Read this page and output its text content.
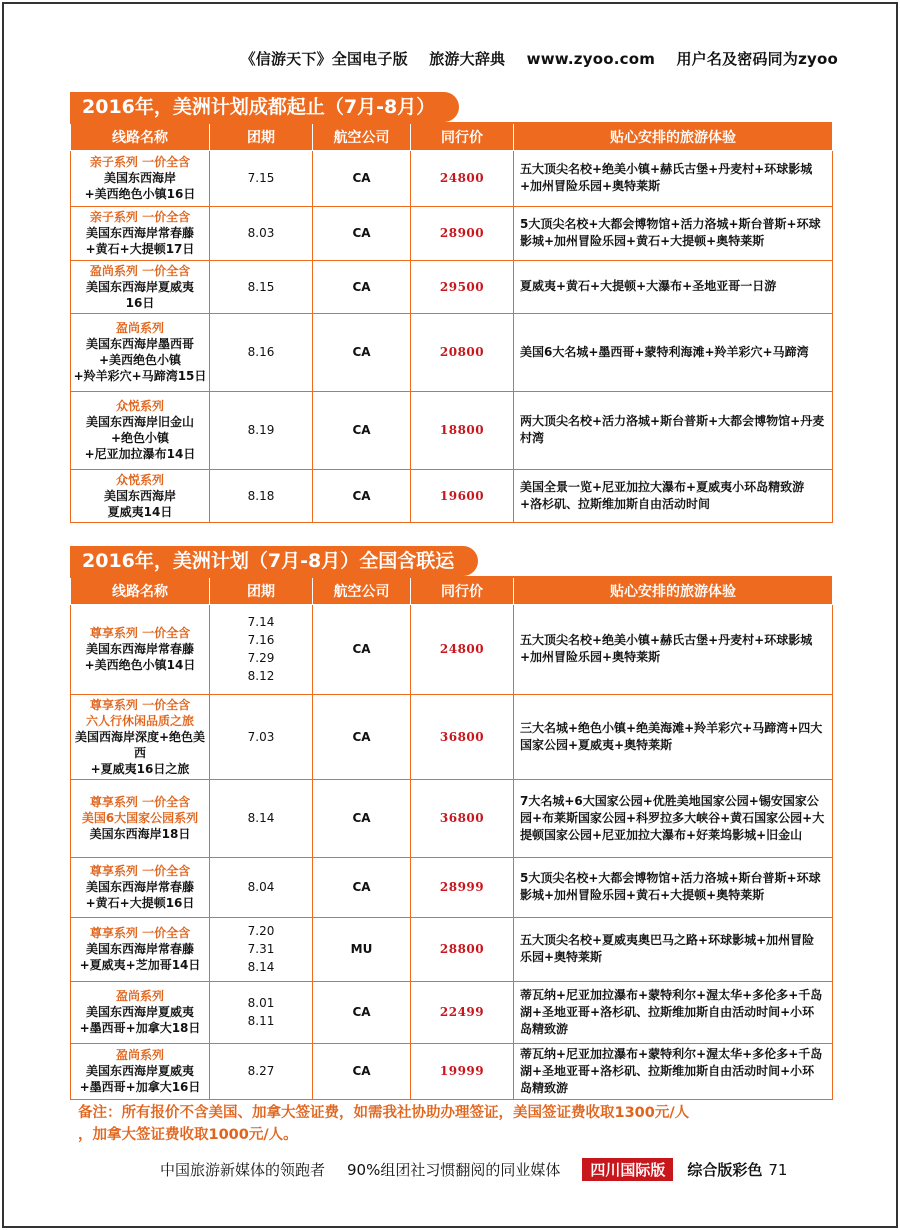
《信游天下》全国电子版 旅游大辞典 www.zyoo.com 用户名及密码同为zyoo
2016年，美洲计划成都起止（7月-8月）
线路名称	团期	航空公司	同行价	贴心安排的旅游体验

亲子系列 一价全含
美国东西海岸
+美西绝色小镇16日	7.15	CA	24800	五大顶尖名校+绝美小镇+赫氏古堡+丹麦村+环球影城+加州冒险乐园+奥特莱斯

亲子系列 一价全含
美国东西海岸常春藤
+黄石+大提顿17日	8.03	CA	28900	5大顶尖名校+大都会博物馆+活力洛城+斯台普斯+环球影城+加州冒险乐园+黄石+大提顿+奥特莱斯

盈尚系列 一价全含
美国东西海岸夏威夷
16日	8.15	CA	29500	夏威夷+黄石+大提顿+大瀑布+圣地亚哥一日游

盈尚系列
美国东西海岸墨西哥
+美西绝色小镇
+羚羊彩穴+马蹄湾15日	8.16	CA	20800	美国6大名城+墨西哥+蒙特利海滩+羚羊彩穴+马蹄湾

众悦系列
美国东西海岸旧金山
+绝色小镇
+尼亚加拉瀑布14日	8.19	CA	18800	两大顶尖名校+活力洛城+斯台普斯+大都会博物馆+丹麦村湾

众悦系列
美国东西海岸
夏威夷14日	8.18	CA	19600	美国全景一览+尼亚加拉大瀑布+夏威夷小环岛精致游+洛杉矶、拉斯维加斯自由活动时间
2016年，美洲计划（7月-8月）全国含联运
线路名称	团期	航空公司	同行价	贴心安排的旅游体验

尊享系列 一价全含
美国东西海岸常春藤
+美西绝色小镇14日	7.14
7.16
7.29
8.12	CA	24800	五大顶尖名校+绝美小镇+赫氏古堡+丹麦村+环球影城+加州冒险乐园+奥特莱斯

尊享系列 一价全含
六人行休闲品质之旅
美国西海岸深度+绝色美西
+夏威夷16日之旅	7.03	CA	36800	三大名城+绝色小镇+绝美海滩+羚羊彩穴+马蹄湾+四大国家公园+夏威夷+奥特莱斯

尊享系列 一价全含
美国6大国家公园系列
美国东西海岸18日	8.14	CA	36800	7大名城+6大国家公园+优胜美地国家公园+锡安国家公园+布莱斯国家公园+科罗拉多大峡谷+黄石国家公园+大提顿国家公园+尼亚加拉大瀑布+好莱坞影城+旧金山

尊享系列 一价全含
美国东西海岸常春藤
+黄石+大提顿16日	8.04	CA	28999	5大顶尖名校+大都会博物馆+活力洛城+斯台普斯+环球影城+加州冒险乐园+黄石+大提顿+奥特莱斯

尊享系列 一价全含
美国东西海岸常春藤
+夏威夷+芝加哥14日	7.20
7.31
8.14	MU	28800	五大顶尖名校+夏威夷奥巴马之路+环球影城+加州冒险乐园+奥特莱斯

盈尚系列
美国东西海岸夏威夷
+墨西哥+加拿大18日	8.01
8.11	CA	22499	蒂瓦纳+尼亚加拉瀑布+蒙特利尔+渥太华+多伦多+千岛湖+圣地亚哥+洛杉矶、拉斯维加斯自由活动时间+小环岛精致游

盈尚系列
美国东西海岸夏威夷
+墨西哥+加拿大16日	8.27	CA	19999	蒂瓦纳+尼亚加拉瀑布+蒙特利尔+渥太华+多伦多+千岛湖+圣地亚哥+洛杉矶、拉斯维加斯自由活动时间+小环岛精致游
备注：所有报价不含美国、加拿大签证费，如需我社协助办理签证，美国签证费收取1300元/人
，加拿大签证费收取1000元/人。
中国旅游新媒体的领跑者 90%组团社习惯翻阅的同业媒体	四川国际版	综合版彩色 71
